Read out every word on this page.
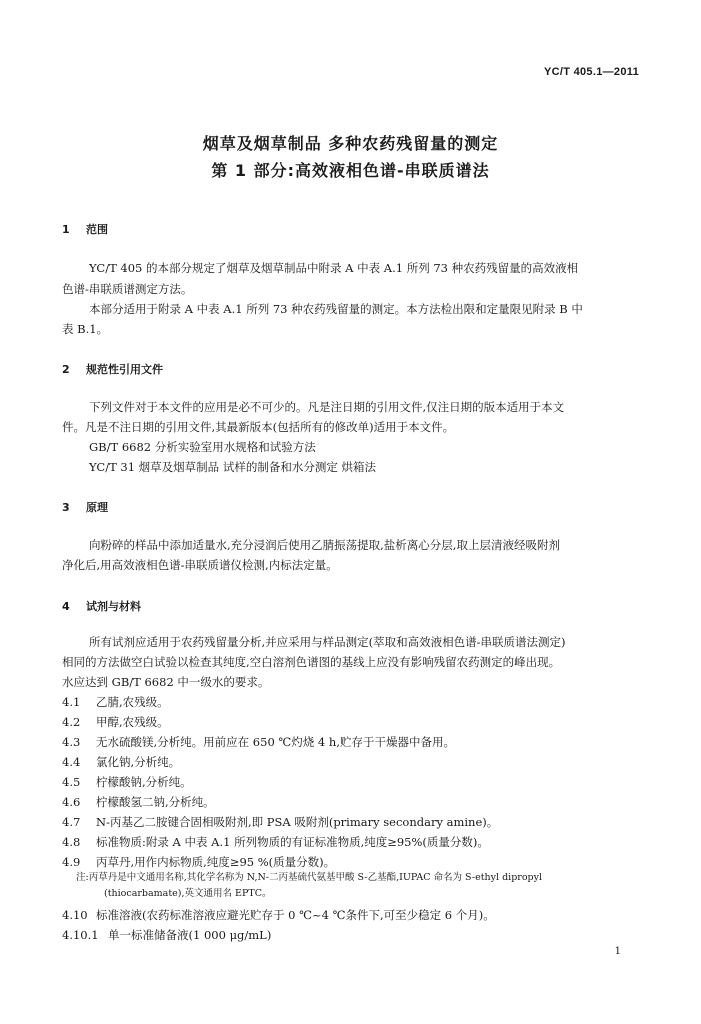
YC/T 405.1—2011
烟草及烟草制品 多种农药残留量的测定
第 1 部分:高效液相色谱-串联质谱法
1 范围
YC/T 405 的本部分规定了烟草及烟草制品中附录 A 中表 A.1 所列 73 种农药残留量的高效液相
色谱-串联质谱测定方法。
本部分适用于附录 A 中表 A.1 所列 73 种农药残留量的测定。本方法检出限和定量限见附录 B 中
表 B.1。
2 规范性引用文件
下列文件对于本文件的应用是必不可少的。凡是注日期的引用文件,仅注日期的版本适用于本文
件。凡是不注日期的引用文件,其最新版本(包括所有的修改单)适用于本文件。
GB/T 6682 分析实验室用水规格和试验方法
YC/T 31 烟草及烟草制品 试样的制备和水分测定 烘箱法
3 原理
向粉碎的样品中添加适量水,充分浸润后使用乙腈振荡提取,盐析离心分层,取上层清液经吸附剂
净化后,用高效液相色谱-串联质谱仪检测,内标法定量。
4 试剂与材料
所有试剂应适用于农药残留量分析,并应采用与样品测定(萃取和高效液相色谱-串联质谱法测定)
相同的方法做空白试验以检查其纯度,空白溶剂色谱图的基线上应没有影响残留农药测定的峰出现。
水应达到 GB/T 6682 中一级水的要求。
4.1 乙腈,农残级。
4.2 甲醇,农残级。
4.3 无水硫酸镁,分析纯。用前应在 650 ℃灼烧 4 h,贮存于干燥器中备用。
4.4 氯化钠,分析纯。
4.5 柠檬酸钠,分析纯。
4.6 柠檬酸氢二钠,分析纯。
4.7 N-丙基乙二胺键合固相吸附剂,即 PSA 吸附剂(primary secondary amine)。
4.8 标准物质:附录 A 中表 A.1 所列物质的有证标准物质,纯度≥95%(质量分数)。
4.9 丙草丹,用作内标物质,纯度≥95 %(质量分数)。
注:丙草丹是中文通用名称,其化学名称为 N,N-二丙基硫代氨基甲酸 S-乙基酯,IUPAC 命名为 S-ethyl dipropyl
(thiocarbamate),英文通用名 EPTC。
4.10 标准溶液(农药标准溶液应避光贮存于 0 ℃~4 ℃条件下,可至少稳定 6 个月)。
4.10.1 单一标准储备液(1 000 μg/mL)
1
